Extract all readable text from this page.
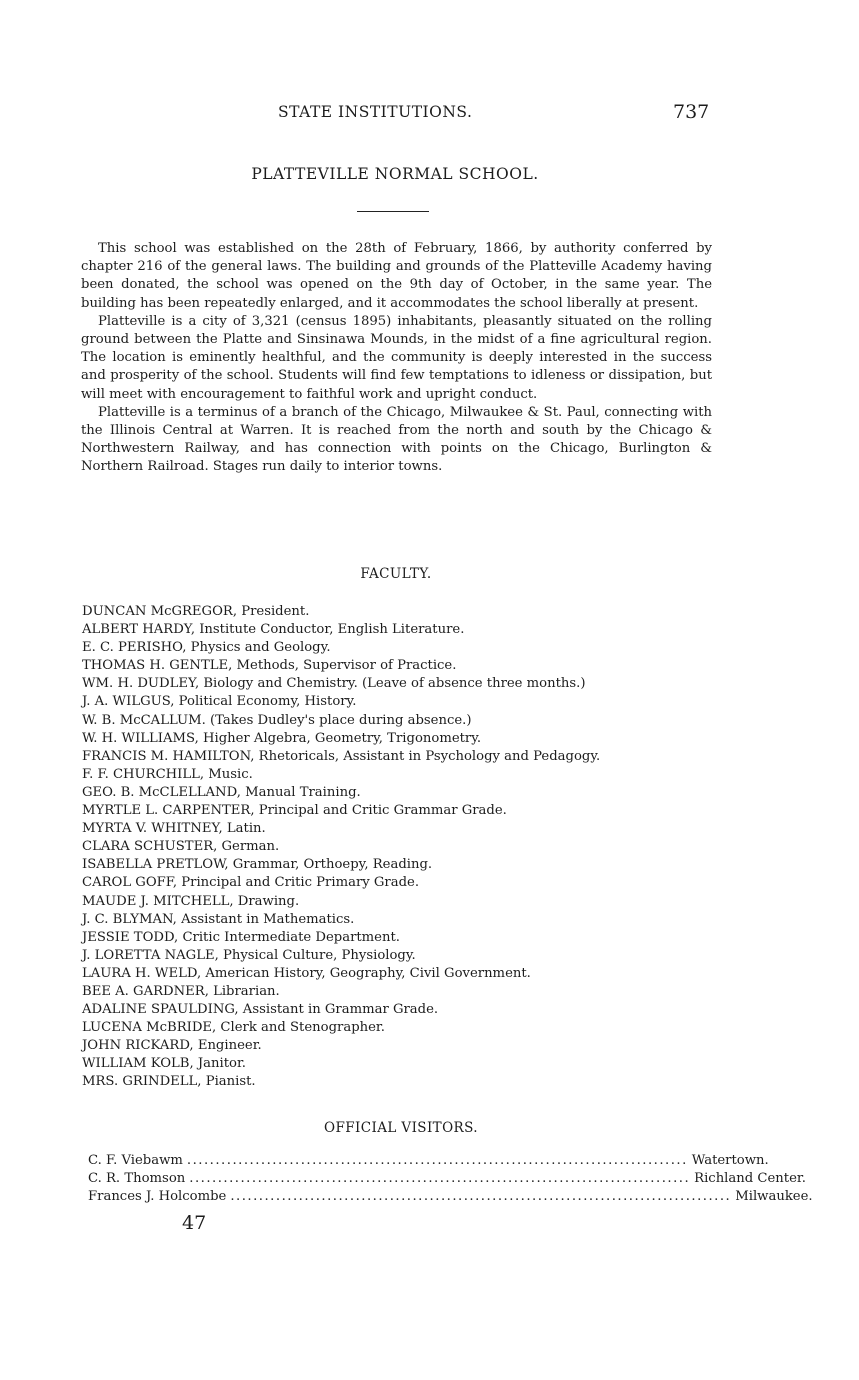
STATE INSTITUTIONS.	737
PLATTEVILLE NORMAL SCHOOL.

This school was established on the 28th of February, 1866, by authority conferred by chapter 216 of the general laws. The building and grounds of the Platteville Academy having been donated, the school was opened on the 9th day of October, in the same year. The building has been repeatedly enlarged, and it accommodates the school liberally at present.

Platteville is a city of 3,321 (census 1895) inhabitants, pleasantly situated on the rolling ground between the Platte and Sinsinawa Mounds, in the midst of a fine agricultural region. The location is eminently healthful, and the community is deeply interested in the success and prosperity of the school. Students will find few temptations to idleness or dissipation, but will meet with encouragement to faithful work and upright conduct.

Platteville is a terminus of a branch of the Chicago, Milwaukee & St. Paul, connecting with the Illinois Central at Warren. It is reached from the north and south by the Chicago & Northwestern Railway, and has connection with points on the Chicago, Burlington & Northern Railroad. Stages run daily to interior towns.

FACULTY.
DUNCAN McGREGOR, President.
ALBERT HARDY, Institute Conductor, English Literature.
E. C. PERISHO, Physics and Geology.
THOMAS H. GENTLE, Methods, Supervisor of Practice.
WM. H. DUDLEY, Biology and Chemistry. (Leave of absence three months.)
J. A. WILGUS, Political Economy, History.
W. B. McCALLUM. (Takes Dudley's place during absence.)
W. H. WILLIAMS, Higher Algebra, Geometry, Trigonometry.
FRANCIS M. HAMILTON, Rhetoricals, Assistant in Psychology and Pedagogy.
F. F. CHURCHILL, Music.
GEO. B. McCLELLAND, Manual Training.
MYRTLE L. CARPENTER, Principal and Critic Grammar Grade.
MYRTA V. WHITNEY, Latin.
CLARA SCHUSTER, German.
ISABELLA PRETLOW, Grammar, Orthoepy, Reading.
CAROL GOFF, Principal and Critic Primary Grade.
MAUDE J. MITCHELL, Drawing.
J. C. BLYMAN, Assistant in Mathematics.
JESSIE TODD, Critic Intermediate Department.
J. LORETTA NAGLE, Physical Culture, Physiology.
LAURA H. WELD, American History, Geography, Civil Government.
BEE A. GARDNER, Librarian.
ADALINE SPAULDING, Assistant in Grammar Grade.
LUCENA McBRIDE, Clerk and Stenographer.
JOHN RICKARD, Engineer.
WILLIAM KOLB, Janitor.
MRS. GRINDELL, Pianist.
OFFICIAL VISITORS.
C. F. Viebawm ........................................................................................ Watertown.
C. R. Thomson ........................................................................................ Richland Center.
Frances J. Holcombe ........................................................................................ Milwaukee.
47
